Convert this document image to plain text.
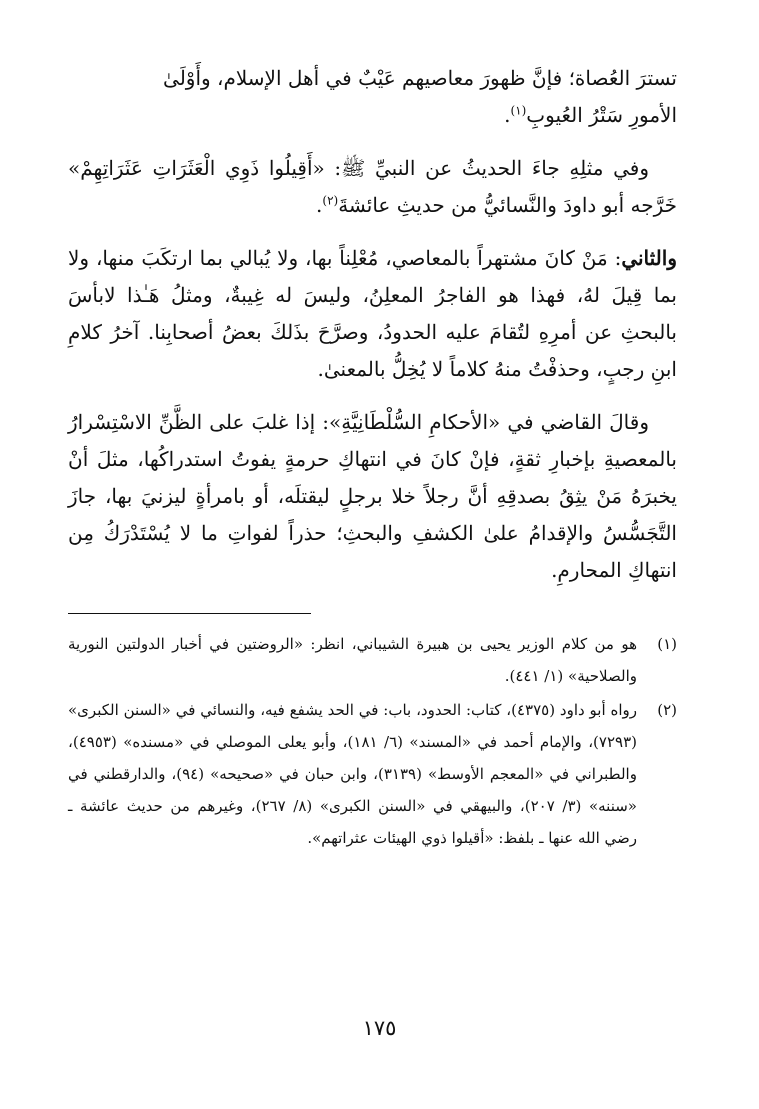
تسترَ العُصاة؛ فإنَّ ظهورَ معاصيهم عَيْبٌ في أهل الإسلام، وأَوْلَىٰ
الأمورِ سَتْرُ العُيوبِ$^{(١)}$.

وفي مثلِهِ جاءَ الحديثُ عن النبيِّ ﷺ: «أَقِيلُوا ذَوِي الْعَثَرَاتِ عَثَرَاتِهِمْ» خَرَّجه أبو داودَ والنَّسائيُّ من حديثِ عائشةَ$^{(٢)}$.

والثاني: مَنْ كانَ مشتهراً بالمعاصي، مُعْلِناً بها، ولا يُبالي بما ارتكَبَ منها، ولا بما قِيلَ لهُ، فهذا هو الفاجرُ المعلِنُ، وليسَ له غِيبةٌ، ومثلُ هَـٰذا لابأسَ بالبحثِ عن أمرِهِ لتُقامَ عليه الحدودُ، وصرَّحَ بذَلكَ بعضُ أصحابِنا. آخرُ كلامِ ابنِ رجبٍ، وحذفْتُ منهُ كلاماً لا يُخِلُّ بالمعنىٰ.

وقالَ القاضي في «الأحكامِ السُّلْطَانِيَّةِ»: إذا غلبَ على الظَّنِّ الاسْتِسْرارُ بالمعصيةِ بإخبارِ ثقةٍ، فإنْ كانَ في انتهاكِ حرمةٍ يفوتُ استدراكُها، مثلَ أنْ يخبرَهُ مَنْ يثِقُ بصدقِهِ أنَّ رجلاً خلا برجلٍ ليقتلَه، أو بامرأةٍ ليزنيَ بها، جازَ التَّجَسُّسُ والإقدامُ علىٰ الكشفِ والبحثِ؛ حذراً لفواتِ ما لا يُسْتَدْرَكُ مِن انتهاكِ المحارمِ.

(١)
هو من كلام الوزير يحيى بن هبيرة الشيباني، انظر: «الروضتين في أخبار الدولتين النورية والصلاحية» (١/ ٤٤١).
(٢)
رواه أبو داود (٤٣٧٥)، كتاب: الحدود، باب: في الحد يشفع فيه، والنسائي في «السنن الكبرى» (٧٢٩٣)، والإمام أحمد في «المسند» (٦/ ١٨١)، وأبو يعلى الموصلي في «مسنده» (٤٩٥٣)، والطبراني في «المعجم الأوسط» (٣١٣٩)، وابن حبان في «صحيحه» (٩٤)، والدارقطني في «سننه» (٣/ ٢٠٧)، والبيهقي في «السنن الكبرى» (٨/ ٢٦٧)، وغيرهم من حديث عائشة ـ رضي الله عنها ـ بلفظ: «أقيلوا ذوي الهيئات عثراتهم».
١٧٥
